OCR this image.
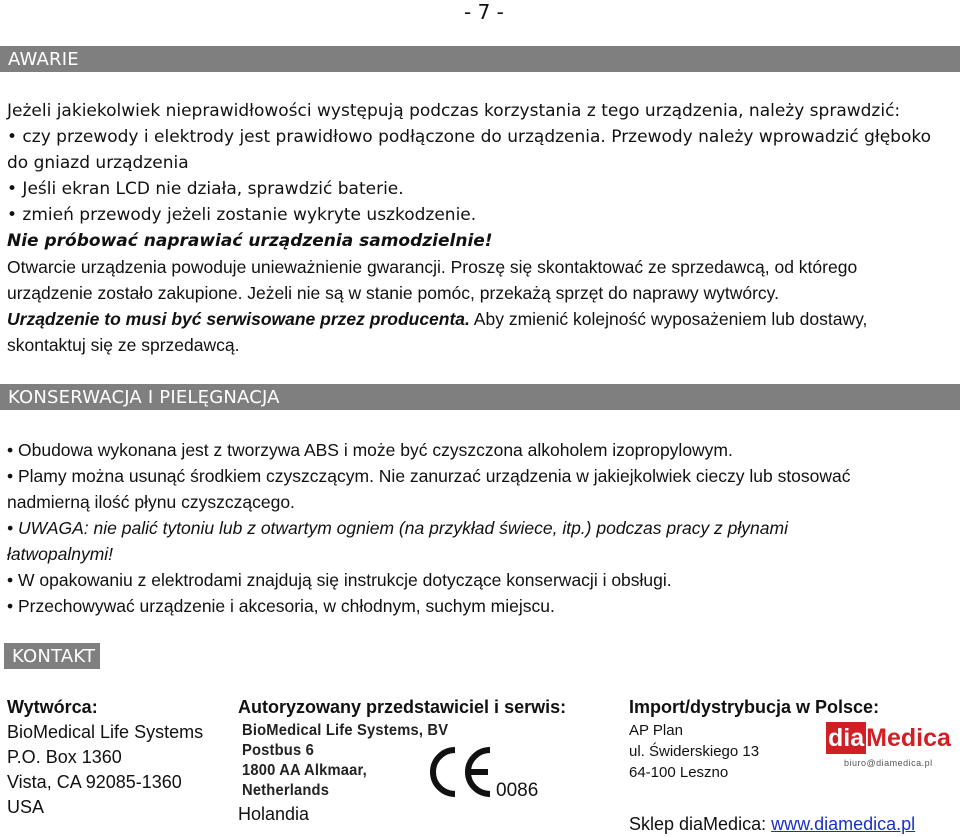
- 7 -
AWARIE
Jeżeli jakiekolwiek nieprawidłowości występują podczas korzystania z tego urządzenia, należy sprawdzić:
• czy przewody i elektrody jest prawidłowo podłączone do urządzenia. Przewody należy wprowadzić głęboko
do gniazd urządzenia
• Jeśli ekran LCD nie działa, sprawdzić baterie.
• zmień przewody jeżeli zostanie wykryte uszkodzenie.
Nie próbować naprawiać urządzenia samodzielnie!
Otwarcie urządzenia powoduje unieważnienie gwarancji. Proszę się skontaktować ze sprzedawcą, od którego
urządzenie zostało zakupione. Jeżeli nie są w stanie pomóc, przekażą sprzęt do naprawy wytwórcy.
Urządzenie to musi być serwisowane przez producenta. Aby zmienić kolejność wyposażeniem lub dostawy,
skontaktuj się ze sprzedawcą.
KONSERWACJA I PIELĘGNACJA
• Obudowa wykonana jest z tworzywa ABS i może być czyszczona alkoholem izopropylowym.
• Plamy można usunąć środkiem czyszczącym. Nie zanurzać urządzenia w jakiejkolwiek cieczy lub stosować
nadmierną ilość płynu czyszczącego.
• UWAGA: nie palić tytoniu lub z otwartym ogniem (na przykład świece, itp.) podczas pracy z płynami
łatwopalnymi!
• W opakowaniu z elektrodami znajdują się instrukcje dotyczące konserwacji i obsługi.
• Przechowywać urządzenie i akcesoria, w chłodnym, suchym miejscu.
KONTAKT
Wytwórca:
BioMedical Life Systems
P.O. Box 1360
Vista, CA 92085-1360
USA
Autoryzowany przedstawiciel i serwis:
BioMedical Life Systems, BV
Postbus 6
1800 AA Alkmaar,
Netherlands
Holandia
0086
Import/dystrybucja w Polsce:
AP Plan
ul. Świderskiego 13
64-100 Leszno
diaMedica
biuro@diamedica.pl
Sklep diaMedica: www.diamedica.pl
